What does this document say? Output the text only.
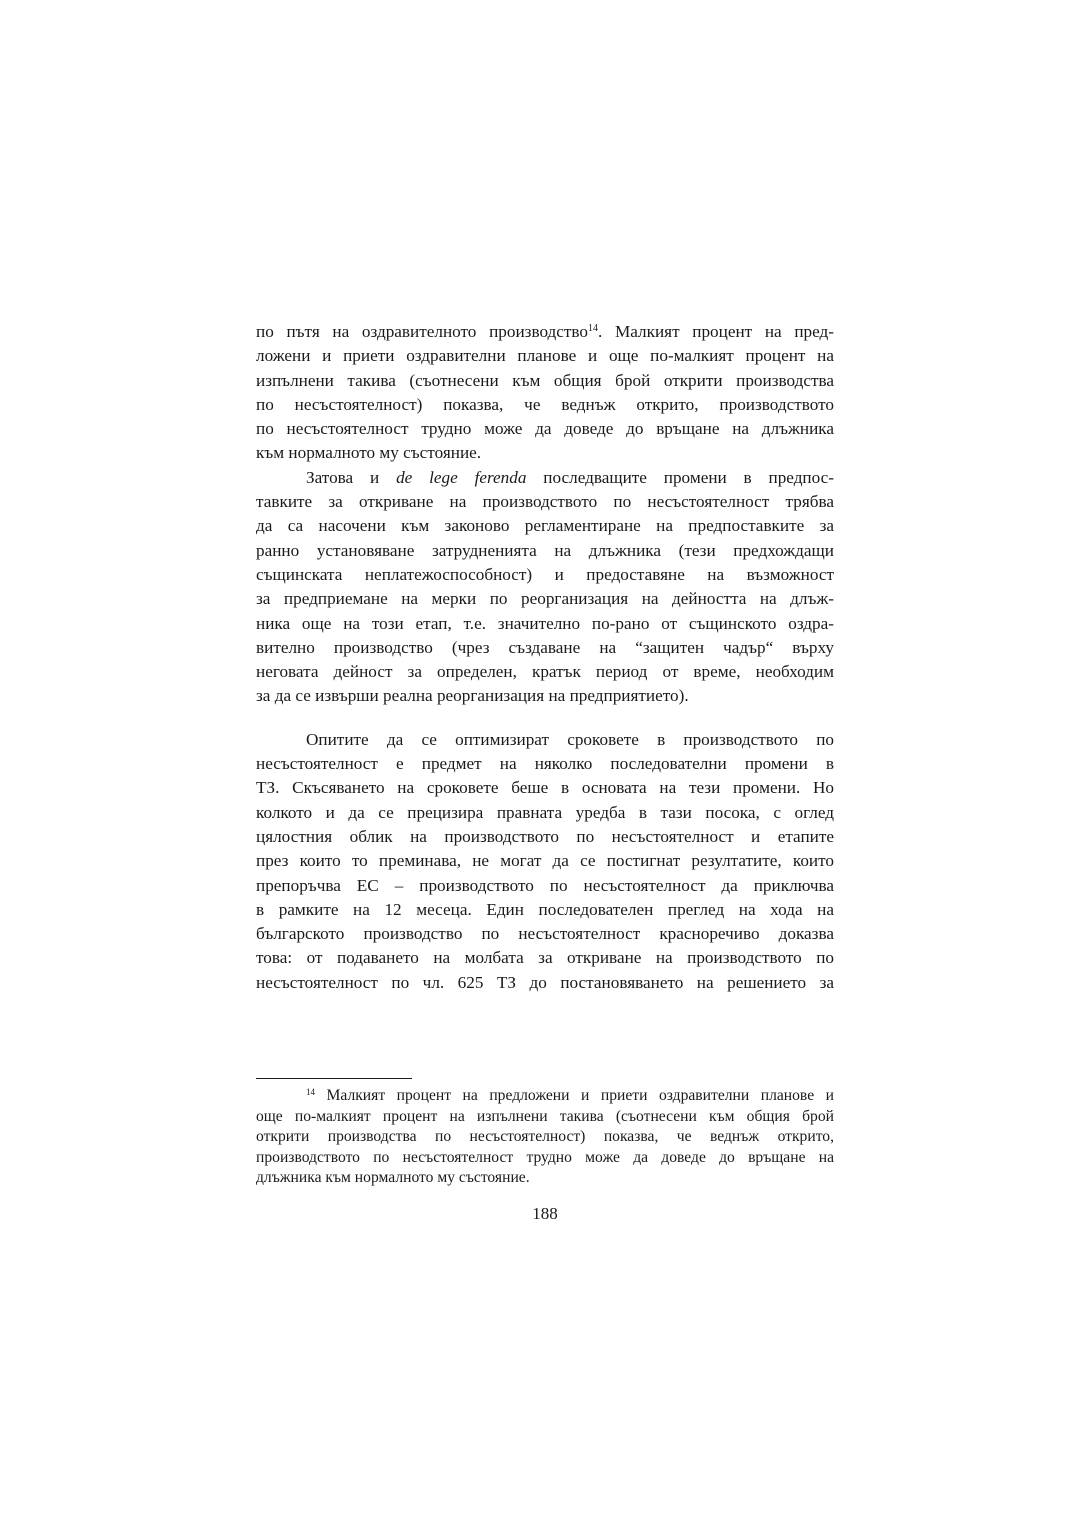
по пътя на оздравителното производство$^{14}$. Малкият процент на пред-
ложени и приети оздравителни планове и още по-малкият процент на
изпълнени такива (съотнесени към общия брой открити производства
по несъстоятелност) показва, че веднъж открито, производството
по несъстоятелност трудно може да доведе до връщане на длъжника
към нормалното му състояние.

Затова и de lege ferenda последващите промени в предпос-
тавките за откриване на производството по несъстоятелност трябва
да са насочени към законово регламентиране на предпоставките за
ранно установяване затрудненията на длъжника (тези предхождащи
същинската неплатежоспособност) и предоставяне на възможност
за предприемане на мерки по реорганизация на дейността на длъж-
ника още на този етап, т.е. значително по-рано от същинското оздра-
вително производство (чрез създаване на “защитен чадър“ върху
неговата дейност за определен, кратък период от време, необходим
за да се извърши реална реорганизация на предприятието).

Опитите да се оптимизират сроковете в производството по
несъстоятелност е предмет на няколко последователни промени в
ТЗ. Скъсяването на сроковете беше в основата на тези промени. Но
колкото и да се прецизира правната уредба в тази посока, с оглед
цялостния облик на производството по несъстоятелност и етапите
през които то преминава, не могат да се постигнат резултатите, които
препоръчва ЕС – производството по несъстоятелност да приключва
в рамките на 12 месеца. Един последователен преглед на хода на
българското производство по несъстоятелност красноречиво доказва
това: от подаването на молбата за откриване на производството по
несъстоятелност по чл. 625 ТЗ до постановяването на решението за

$^{14}$ Малкият процент на предложени и приети оздравителни планове и
още по-малкият процент на изпълнени такива (съотнесени към общия брой
открити производства по несъстоятелност) показва, че веднъж открито,
производството по несъстоятелност трудно може да доведе до връщане на
длъжника към нормалното му състояние.
188
